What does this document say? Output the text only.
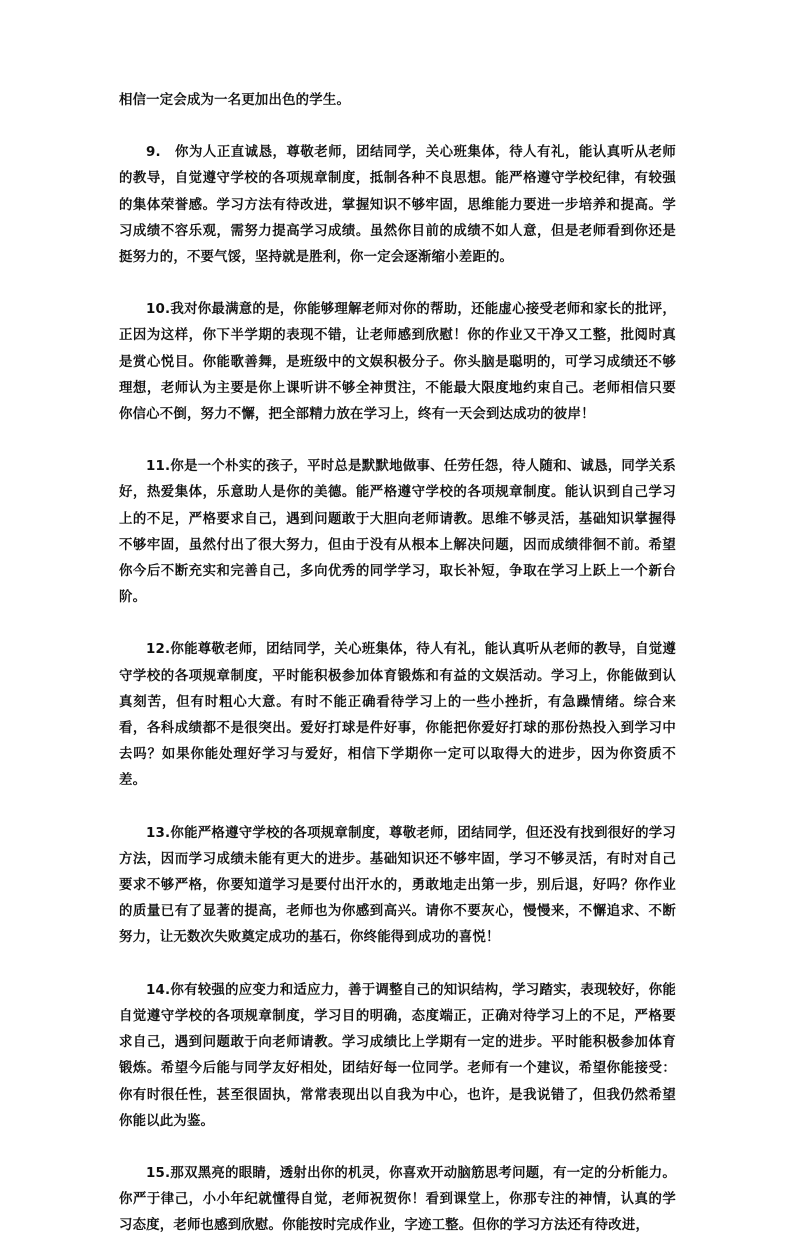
相信一定会成为一名更加出色的学生。

9.　你为人正直诚恳，尊敬老师，团结同学，关心班集体，待人有礼，能认真听从老师的教导，自觉遵守学校的各项规章制度，抵制各种不良思想。能严格遵守学校纪律，有较强的集体荣誉感。学习方法有待改进，掌握知识不够牢固，思维能力要进一步培养和提高。学习成绩不容乐观，需努力提高学习成绩。虽然你目前的成绩不如人意，但是老师看到你还是挺努力的，不要气馁，坚持就是胜利，你一定会逐渐缩小差距的。

10.我对你最满意的是，你能够理解老师对你的帮助，还能虚心接受老师和家长的批评，正因为这样，你下半学期的表现不错，让老师感到欣慰！你的作业又干净又工整，批阅时真是赏心悦目。你能歌善舞，是班级中的文娱积极分子。你头脑是聪明的，可学习成绩还不够理想，老师认为主要是你上课听讲不够全神贯注，不能最大限度地约束自己。老师相信只要你信心不倒，努力不懈，把全部精力放在学习上，终有一天会到达成功的彼岸！

11.你是一个朴实的孩子，平时总是默默地做事、任劳任怨，待人随和、诚恳，同学关系好，热爱集体，乐意助人是你的美德。能严格遵守学校的各项规章制度。能认识到自己学习上的不足，严格要求自己，遇到问题敢于大胆向老师请教。思维不够灵活，基础知识掌握得不够牢固，虽然付出了很大努力，但由于没有从根本上解决问题，因而成绩徘徊不前。希望你今后不断充实和完善自己，多向优秀的同学学习，取长补短，争取在学习上跃上一个新台阶。

12.你能尊敬老师，团结同学，关心班集体，待人有礼，能认真听从老师的教导，自觉遵守学校的各项规章制度，平时能积极参加体育锻炼和有益的文娱活动。学习上，你能做到认真刻苦，但有时粗心大意。有时不能正确看待学习上的一些小挫折，有急躁情绪。综合来看，各科成绩都不是很突出。爱好打球是件好事，你能把你爱好打球的那份热投入到学习中去吗？如果你能处理好学习与爱好，相信下学期你一定可以取得大的进步，因为你资质不差。

13.你能严格遵守学校的各项规章制度，尊敬老师，团结同学，但还没有找到很好的学习方法，因而学习成绩未能有更大的进步。基础知识还不够牢固，学习不够灵活，有时对自己要求不够严格，你要知道学习是要付出汗水的，勇敢地走出第一步，别后退，好吗？你作业的质量已有了显著的提高，老师也为你感到高兴。请你不要灰心，慢慢来，不懈追求、不断努力，让无数次失败奠定成功的基石，你终能得到成功的喜悦！

14.你有较强的应变力和适应力，善于调整自己的知识结构，学习踏实，表现较好，你能自觉遵守学校的各项规章制度，学习目的明确，态度端正，正确对待学习上的不足，严格要求自己，遇到问题敢于向老师请教。学习成绩比上学期有一定的进步。平时能积极参加体育锻炼。希望今后能与同学友好相处，团结好每一位同学。老师有一个建议，希望你能接受：你有时很任性，甚至很固执，常常表现出以自我为中心，也许，是我说错了，但我仍然希望你能以此为鉴。

15.那双黑亮的眼睛，透射出你的机灵，你喜欢开动脑筋思考问题，有一定的分析能力。你严于律己，小小年纪就懂得自觉，老师祝贺你！看到课堂上，你那专注的神情，认真的学习态度，老师也感到欣慰。你能按时完成作业，字迹工整。但你的学习方法还有待改进，
